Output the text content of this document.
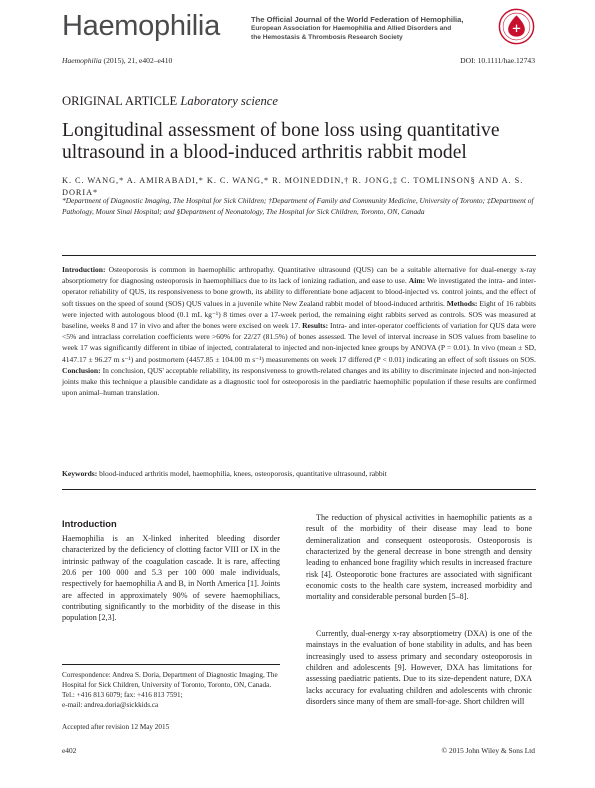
Haemophilia	The Official Journal of the World Federation of Hemophilia,
European Association for Haemophilia and Allied Disorders and
the Hemostasis & Thrombosis Research Society
Haemophilia (2015), 21, e402–e410	DOI: 10.1111/hae.12743
ORIGINAL ARTICLE Laboratory science
Longitudinal assessment of bone loss using quantitative ultrasound in a blood-induced arthritis rabbit model
K. C. WANG,* A. AMIRABADI,* K. C. WANG,* R. MOINEDDIN,† R. JONG,‡ C. TOMLINSON§ AND A. S. DORIA*
*Department of Diagnostic Imaging, The Hospital for Sick Children; †Department of Family and Community Medicine, University of Toronto; ‡Department of Pathology, Mount Sinai Hospital; and §Department of Neonatology, The Hospital for Sick Children, Toronto, ON, Canada
Introduction: Osteoporosis is common in haemophilic arthropathy. Quantitative ultrasound (QUS) can be a suitable alternative for dual-energy x-ray absorptiometry for diagnosing osteoporosis in haemophiliacs due to its lack of ionizing radiation, and ease to use. Aim: We investigated the intra- and inter-operator reliability of QUS, its responsiveness to bone growth, its ability to differentiate bone adjacent to blood-injected vs. control joints, and the effect of soft tissues on the speed of sound (SOS) QUS values in a juvenile white New Zealand rabbit model of blood-induced arthritis. Methods: Eight of 16 rabbits were injected with autologous blood (0.1 mL kg⁻¹) 8 times over a 17-week period, the remaining eight rabbits served as controls. SOS was measured at baseline, weeks 8 and 17 in vivo and after the bones were excised on week 17. Results: Intra- and inter-operator coefficients of variation for QUS data were <5% and intraclass correlation coefficients were >60% for 22/27 (81.5%) of bones assessed. The level of interval increase in SOS values from baseline to week 17 was significantly different in tibiae of injected, contralateral to injected and non-injected knee groups by ANOVA (P = 0.01). In vivo (mean ± SD, 4147.17 ± 96.27 m s⁻¹) and postmortem (4457.85 ± 104.00 m s⁻¹) measurements on week 17 differed (P < 0.01) indicating an effect of soft tissues on SOS. Conclusion: In conclusion, QUS' acceptable reliability, its responsiveness to growth-related changes and its ability to discriminate injected and non-injected joints make this technique a plausible candidate as a diagnostic tool for osteoporosis in the paediatric haemophilic population if these results are confirmed upon animal–human translation.
Keywords: blood-induced arthritis model, haemophilia, knees, osteoporosis, quantitative ultrasound, rabbit
Introduction
Haemophilia is an X-linked inherited bleeding disorder characterized by the deficiency of clotting factor VIII or IX in the intrinsic pathway of the coagulation cascade. It is rare, affecting 20.6 per 100 000 and 5.3 per 100 000 male individuals, respectively for haemophilia A and B, in North America [1]. Joints are affected in approximately 90% of severe haemophiliacs, contributing significantly to the morbidity of the disease in this population [2,3].
The reduction of physical activities in haemophilic patients as a result of the morbidity of their disease may lead to bone demineralization and consequent osteoporosis. Osteoporosis is characterized by the general decrease in bone strength and density leading to enhanced bone fragility which results in increased fracture risk [4]. Osteoporotic bone fractures are associated with significant economic costs to the health care system, increased morbidity and mortality and considerable personal burden [5–8].
Currently, dual-energy x-ray absorptiometry (DXA) is one of the mainstays in the evaluation of bone stability in adults, and has been increasingly used to assess primary and secondary osteoporosis in children and adolescents [9]. However, DXA has limitations for assessing paediatric patients. Due to its size-dependent nature, DXA lacks accuracy for evaluating children and adolescents with chronic disorders since many of them are small-for-age. Short children will
Correspondence: Andrea S. Doria, Department of Diagnostic Imaging, The Hospital for Sick Children, University of Toronto, Toronto, ON, Canada.
Tel.: +416 813 6079; fax: +416 813 7591;
e-mail: andrea.doria@sickkids.ca
Accepted after revision 12 May 2015
e402	© 2015 John Wiley & Sons Ltd
